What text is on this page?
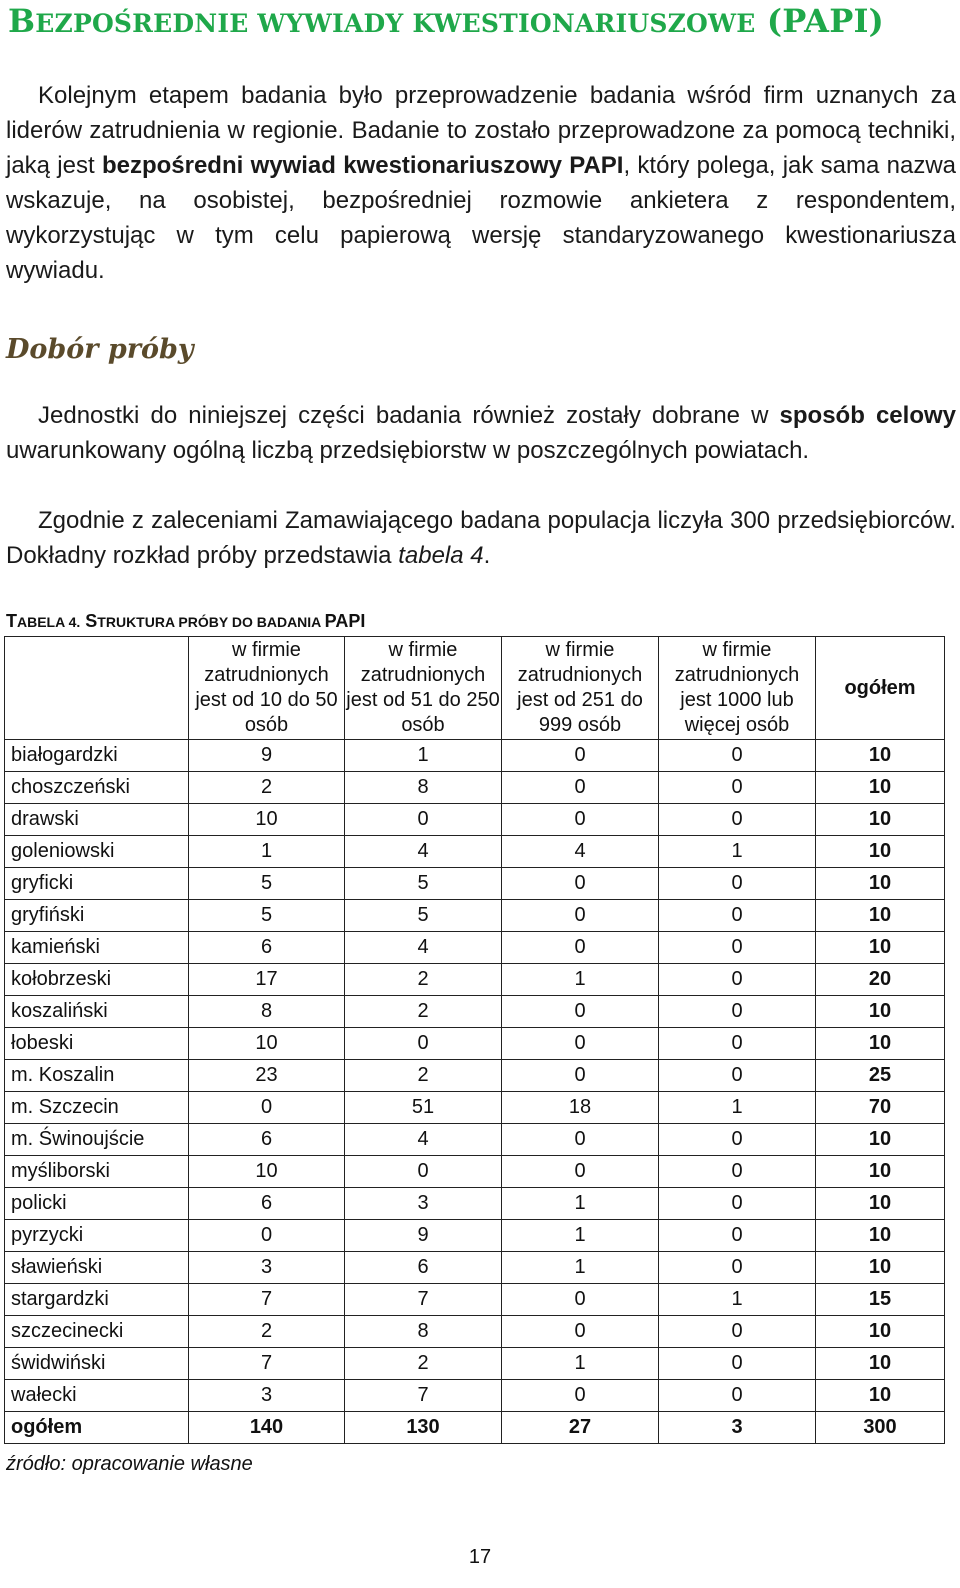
BEZPOŚREDNIE WYWIADY KWESTIONARIUSZOWE (PAPI)
Kolejnym etapem badania było przeprowadzenie badania wśród firm uznanych za liderów zatrudnienia w regionie. Badanie to zostało przeprowadzone za pomocą techniki, jaką jest bezpośredni wywiad kwestionariuszowy PAPI, który polega, jak sama nazwa wskazuje, na osobistej, bezpośredniej rozmowie ankietera z respondentem, wykorzystując w tym celu papierową wersję standaryzowanego kwestionariusza wywiadu.
Dobór próby
Jednostki do niniejszej części badania również zostały dobrane w sposób celowy uwarunkowany ogólną liczbą przedsiębiorstw w poszczególnych powiatach.
Zgodnie z zaleceniami Zamawiającego badana populacja liczyła 300 przedsiębiorców. Dokładny rozkład próby przedstawia tabela 4.
TABELA 4. STRUKTURA PRÓBY DO BADANIA PAPI
	w firmie zatrudnionych jest od 10 do 50 osób	w firmie zatrudnionych jest od 51 do 250 osób	w firmie zatrudnionych jest od 251 do 999 osób	w firmie zatrudnionych jest 1000 lub więcej osób	ogółem
białogardzki	9	1	0	0	10
choszczeński	2	8	0	0	10
drawski	10	0	0	0	10
goleniowski	1	4	4	1	10
gryficki	5	5	0	0	10
gryfiński	5	5	0	0	10
kamieński	6	4	0	0	10
kołobrzeski	17	2	1	0	20
koszaliński	8	2	0	0	10
łobeski	10	0	0	0	10
m. Koszalin	23	2	0	0	25
m. Szczecin	0	51	18	1	70
m. Świnoujście	6	4	0	0	10
myśliborski	10	0	0	0	10
policki	6	3	1	0	10
pyrzycki	0	9	1	0	10
sławieński	3	6	1	0	10
stargardzki	7	7	0	1	15
szczecinecki	2	8	0	0	10
świdwiński	7	2	1	0	10
wałecki	3	7	0	0	10
ogółem	140	130	27	3	300
źródło: opracowanie własne
17
